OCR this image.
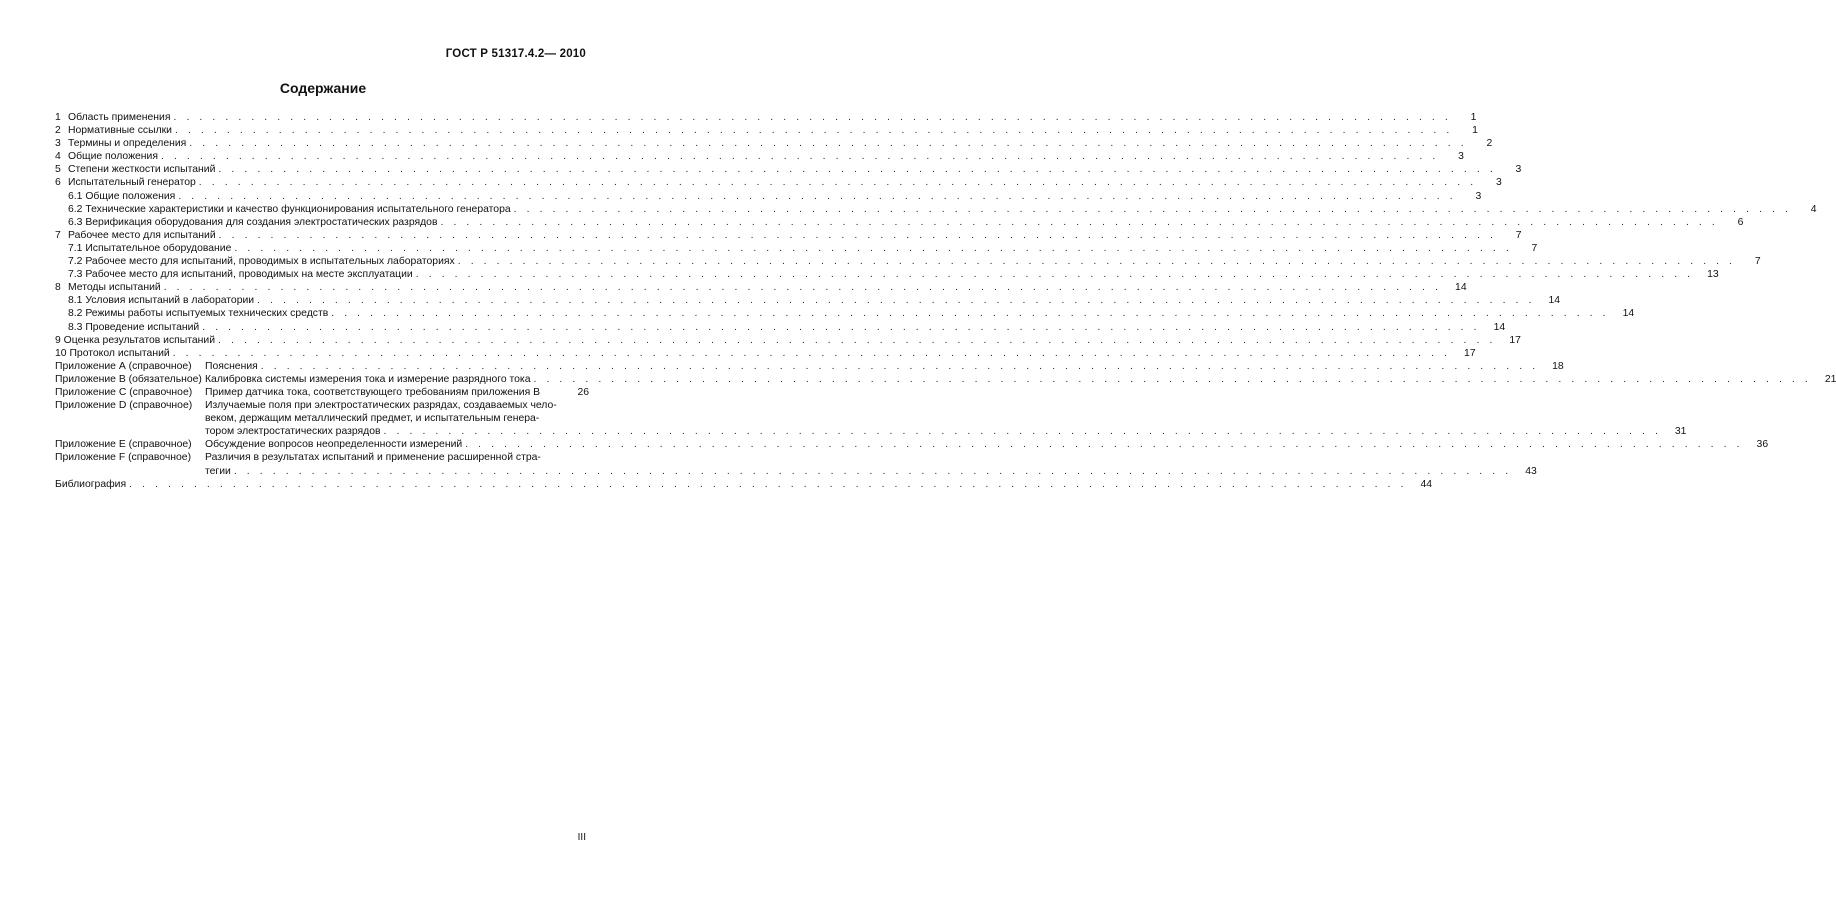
ГОСТ Р 51317.4.2— 2010
Содержание
1 Область применения . . .	1
2 Нормативные ссылки . . .	1
3 Термины и определения . . .	2
4 Общие положения . . .	3
5 Степени жесткости испытаний . . .	3
6 Испытательный генератор . . .	3
6.1 Общие положения . . .	3
6.2 Технические характеристики и качество функционирования испытательного генератора . . .	4
6.3 Верификация оборудования для создания электростатических разрядов . . .	6
7 Рабочее место для испытаний . . .	7
7.1 Испытательное оборудование . . .	7
7.2 Рабочее место для испытаний, проводимых в испытательных лабораториях . . .	7
7.3 Рабочее место для испытаний, проводимых на месте эксплуатации . . .	13
8 Методы испытаний . . .	14
8.1 Условия испытаний в лаборатории . . .	14
8.2 Режимы работы испытуемых технических средств . . .	14
8.3 Проведение испытаний . . .	14
9 Оценка результатов испытаний . . .	17
10 Протокол испытаний . . .	17
Приложение А (справочное)	Пояснения . . .	18
Приложение В (обязательное) Калибровка системы измерения тока и измерение разрядного тока . . .	21
Приложение С (справочное)	Пример датчика тока, соответствующего требованиям приложения В	26
Приложение D (справочное)	Излучаемые поля при электростатических разрядах, создаваемых чело-
веком, держащим металлический предмет, и испытательным генера-
тором электростатических разрядов . . .	31
Приложение Е (справочное)	Обсуждение вопросов неопределенности измерений . . .	36
Приложение F (справочное)	Различия в результатах испытаний и применение расширенной стра-
тегии . . .	43
Библиография . . .	44
III
